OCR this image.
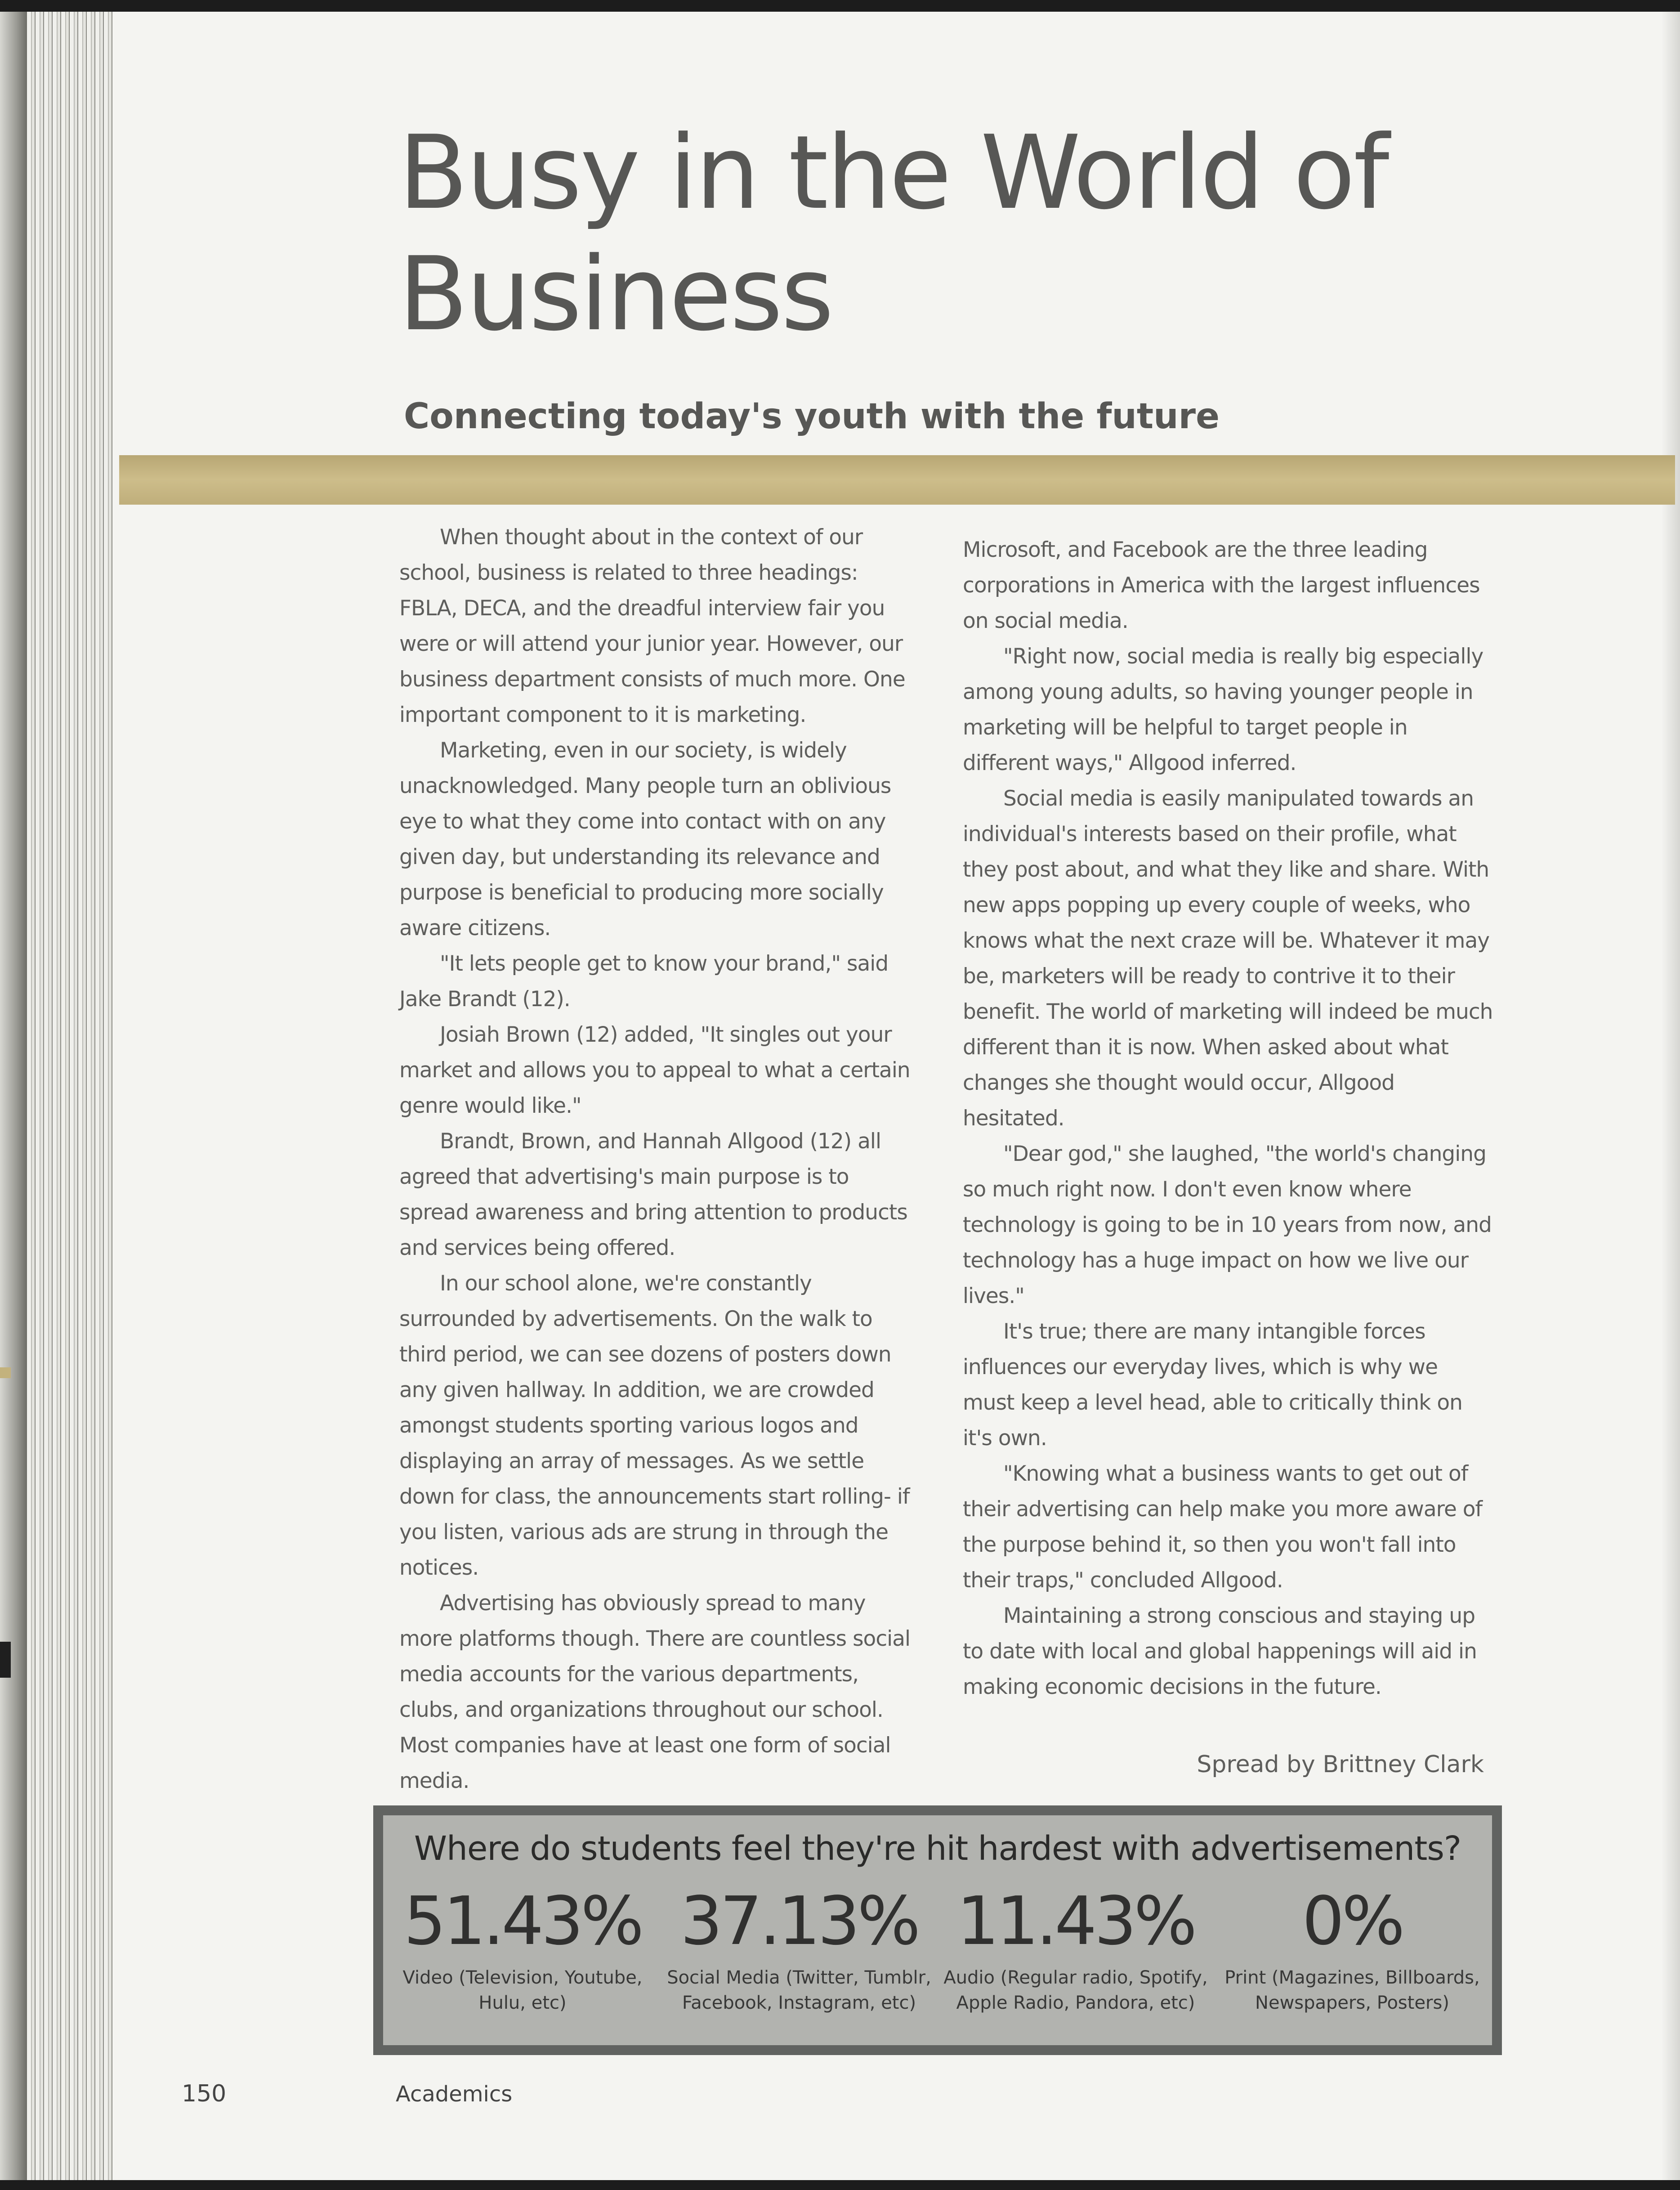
Busy in the World of Business
Connecting today's youth with the future

When thought about in the context of our school, business is related to three headings: FBLA, DECA, and the dreadful interview fair you were or will attend your junior year. However, our business department consists of much more. One important component to it is marketing.

Marketing, even in our society, is widely unacknowledged. Many people turn an oblivious eye to what they come into contact with on any given day, but understanding its relevance and purpose is beneficial to producing more socially aware citizens.

"It lets people get to know your brand," said Jake Brandt (12).

Josiah Brown (12) added, "It singles out your market and allows you to appeal to what a certain genre would like."

Brandt, Brown, and Hannah Allgood (12) all agreed that advertising's main purpose is to spread awareness and bring attention to products and services being offered.

In our school alone, we're constantly surrounded by advertisements. On the walk to third period, we can see dozens of posters down any given hallway. In addition, we are crowded amongst students sporting various logos and displaying an array of messages. As we settle down for class, the announcements start rolling- if you listen, various ads are strung in through the notices.

Advertising has obviously spread to many more platforms though. There are countless social media accounts for the various departments, clubs, and organizations throughout our school. Most companies have at least one form of social media.

Microsoft, and Facebook are the three leading corporations in America with the largest influences on social media.

"Right now, social media is really big especially among young adults, so having younger people in marketing will be helpful to target people in different ways," Allgood inferred.

Social media is easily manipulated towards an individual's interests based on their profile, what they post about, and what they like and share. With new apps popping up every couple of weeks, who knows what the next craze will be. Whatever it may be, marketers will be ready to contrive it to their benefit. The world of marketing will indeed be much different than it is now. When asked about what changes she thought would occur, Allgood hesitated.

"Dear god," she laughed, "the world's changing so much right now. I don't even know where technology is going to be in 10 years from now, and technology has a huge impact on how we live our lives."

It's true; there are many intangible forces influences our everyday lives, which is why we must keep a level head, able to critically think on it's own.

"Knowing what a business wants to get out of their advertising can help make you more aware of the purpose behind it, so then you won't fall into their traps," concluded Allgood.

Maintaining a strong conscious and staying up to date with local and global happenings will aid in making economic decisions in the future.

Spread by Brittney Clark
Where do students feel they're hit hardest with advertisements?
51.43%
Video (Television, Youtube, Hulu, etc)
37.13%
Social Media (Twitter, Tumblr, Facebook, Instagram, etc)
11.43%
Audio (Regular radio, Spotify, Apple Radio, Pandora, etc)
0%
Print (Magazines, Billboards, Newspapers, Posters)
150	Academics
